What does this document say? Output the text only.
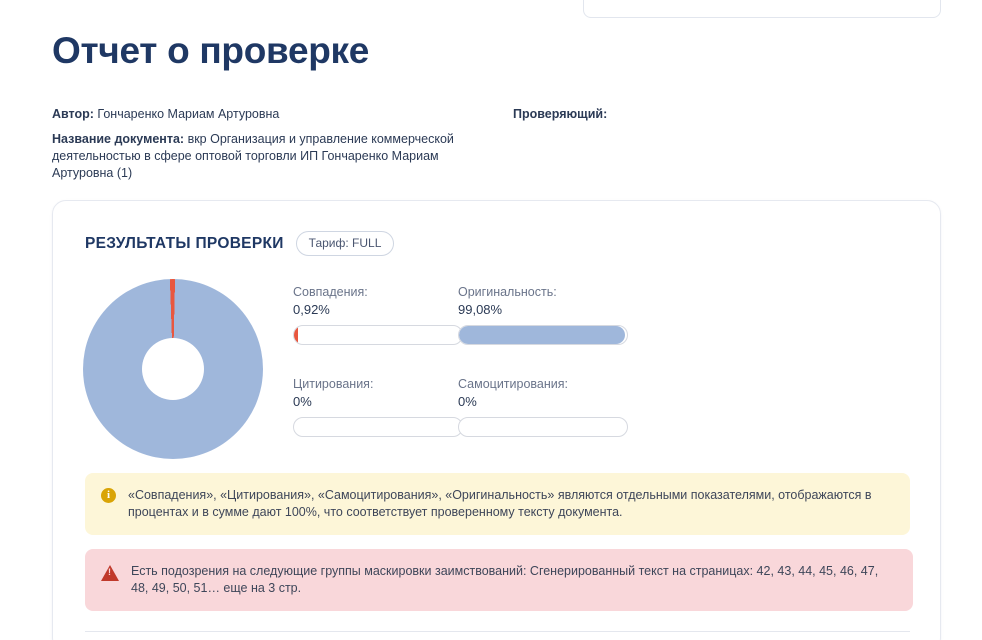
Отчет о проверке
Автор: Гончаренко Мариам Артуровна
Название документа: вкр Организация и управление коммерческой деятельностью в сфере оптовой торговли ИП Гончаренко Мариам Артуровна (1)
Проверяющий:
РЕЗУЛЬТАТЫ ПРОВЕРКИ	Тариф: FULL
Совпадения:
0,92%
Оригинальность:
99,08%
Цитирования:
0%
Самоцитирования:
0%
i	«Совпадения», «Цитирования», «Самоцитирования», «Оригинальность» являются отдельными показателями, отображаются в процентах и в сумме дают 100%, что соответствует проверенному тексту документа.
!
Есть подозрения на следующие группы маскировки заимствований: Сгенерированный текст на страницах: 42, 43, 44, 45, 46, 47, 48, 49, 50, 51… еще на 3 стр.
